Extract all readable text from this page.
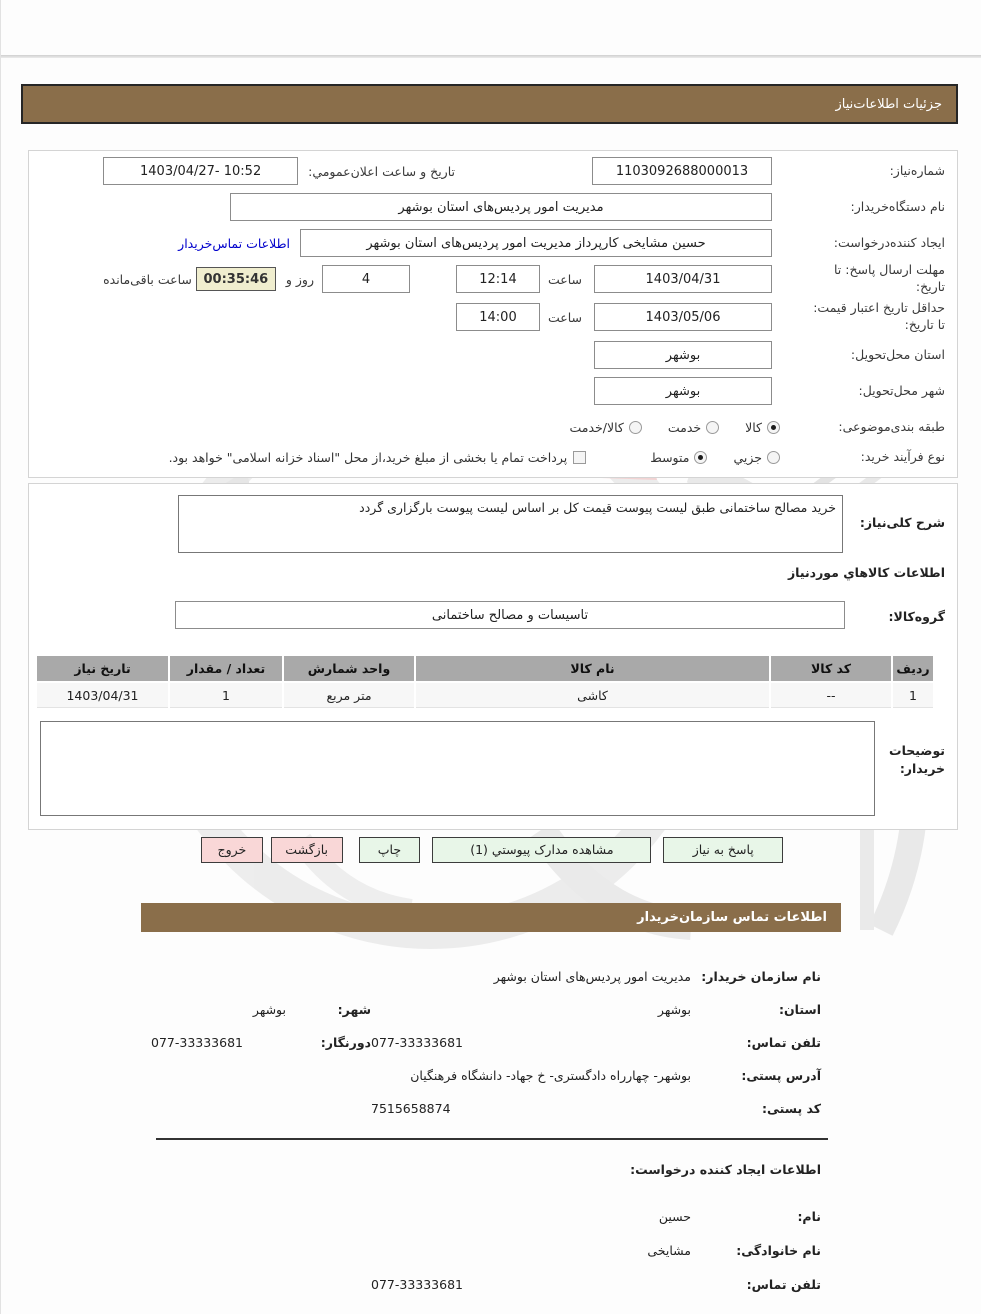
جزئیات اطلاعات‌نیاز
شماره‌نیاز:
1103092688000013
تاريخ و ساعت اعلان‌عمومي:
1403/04/27- 10:52
نام دستگاه‌خریدار:
مدیریت امور پردیس‌های استان بوشهر
ایجاد کننده‌درخواست:
حسین مشایخی کارپرداز مدیریت امور پردیس‌های استان بوشهر
اطلاعات تماس‌خریدار
مهلت ارسال پاسخ: تا تاریخ:
1403/04/31
ساعت
12:14
4
روز و
00:35:46
ساعت باقی‌مانده
حداقل تاریخ اعتبار قیمت: تا تاریخ:
1403/05/06
ساعت
14:00
استان محل‌تحویل:
بوشهر
شهر محل‌تحویل:
بوشهر
طبقه بندی‌موضوعی:
کالا
خدمت
کالا/خدمت
نوع فرآیند خرید:
جزیي
متوسط
پرداخت تمام یا بخشی از مبلغ خرید،از محل "اسناد خزانه اسلامی" خواهد بود.
شرح کلی‌نیاز:
خرید مصالح ساختمانی طبق لیست پیوست قیمت کل بر اساس لیست پیوست بارگزاری گردد
اطلاعات کالاهاي مورد‌نیاز
گروه‌کالا:
تاسیسات و مصالح ساختمانی
ردیف	کد کالا	نام کالا	واحد شمارش	تعداد / مقدار	تاریخ نیاز
1	--	کاشی	متر مربع	1	1403/04/31
توضیحات خریدار:
پاسخ به نیاز
مشاهده مدارک پیوستي (1)
چاپ
بازگشت
خروج
اطلاعات تماس سازمان‌خریدار
نام سازمان خریدار:
مدیریت امور پردیس‌های استان بوشهر
استان:
بوشهر
شهر:
بوشهر
تلفن تماس:
077-33333681
دورنگار:
077-33333681
آدرس پستی:
بوشهر- چهارراه دادگستری- خ جهاد- دانشگاه فرهنگیان
کد پستی:
7515658874
اطلاعات ایجاد کننده درخواست:
نام:
حسین
نام خانوادگی:
مشایخی
تلفن تماس:
077-33333681
